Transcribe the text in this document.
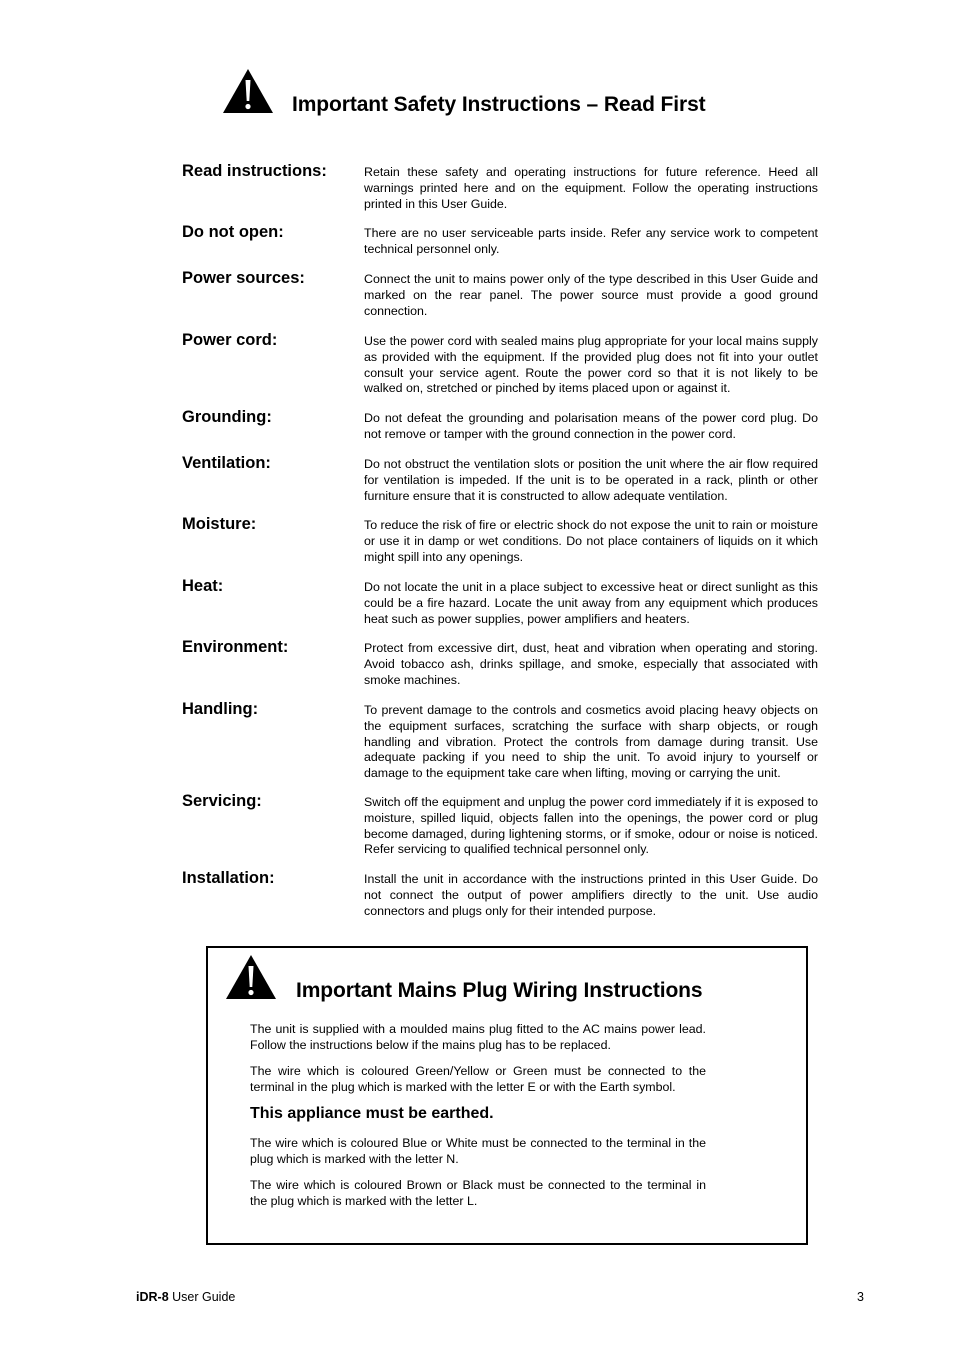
Important Safety Instructions – Read First
Read instructions:	Retain these safety and operating instructions for future reference. Heed all warnings printed here and on the equipment. Follow the operating instructions printed in this User Guide.
Do not open:	There are no user serviceable parts inside. Refer any service work to competent technical personnel only.
Power sources:	Connect the unit to mains power only of the type described in this User Guide and marked on the rear panel. The power source must provide a good ground connection.
Power cord:	Use the power cord with sealed mains plug appropriate for your local mains supply as provided with the equipment. If the provided plug does not fit into your outlet consult your service agent. Route the power cord so that it is not likely to be walked on, stretched or pinched by items placed upon or against it.
Grounding:	Do not defeat the grounding and polarisation means of the power cord plug. Do not remove or tamper with the ground connection in the power cord.
Ventilation:	Do not obstruct the ventilation slots or position the unit where the air flow required for ventilation is impeded. If the unit is to be operated in a rack, plinth or other furniture ensure that it is constructed to allow adequate ventilation.
Moisture:	To reduce the risk of fire or electric shock do not expose the unit to rain or moisture or use it in damp or wet conditions. Do not place containers of liquids on it which might spill into any openings.
Heat:	Do not locate the unit in a place subject to excessive heat or direct sunlight as this could be a fire hazard. Locate the unit away from any equipment which produces heat such as power supplies, power amplifiers and heaters.
Environment:	Protect from excessive dirt, dust, heat and vibration when operating and storing. Avoid tobacco ash, drinks spillage, and smoke, especially that associated with smoke machines.
Handling:	To prevent damage to the controls and cosmetics avoid placing heavy objects on the equipment surfaces, scratching the surface with sharp objects, or rough handling and vibration. Protect the controls from damage during transit. Use adequate packing if you need to ship the unit. To avoid injury to yourself or damage to the equipment take care when lifting, moving or carrying the unit.
Servicing:	Switch off the equipment and unplug the power cord immediately if it is exposed to moisture, spilled liquid, objects fallen into the openings, the power cord or plug become damaged, during lightening storms, or if smoke, odour or noise is noticed. Refer servicing to qualified technical personnel only.
Installation:	Install the unit in accordance with the instructions printed in this User Guide. Do not connect the output of power amplifiers directly to the unit. Use audio connectors and plugs only for their intended purpose.
Important Mains Plug Wiring Instructions
The unit is supplied with a moulded mains plug fitted to the AC mains power lead. Follow the instructions below if the mains plug has to be replaced.
The wire which is coloured Green/Yellow or Green must be connected to the terminal in the plug which is marked with the letter E or with the Earth symbol.
This appliance must be earthed.
The wire which is coloured Blue or White must be connected to the terminal in the plug which is marked with the letter N.
The wire which is coloured Brown or Black must be connected to the terminal in the plug which is marked with the letter L.
iDR-8 User Guide	3
